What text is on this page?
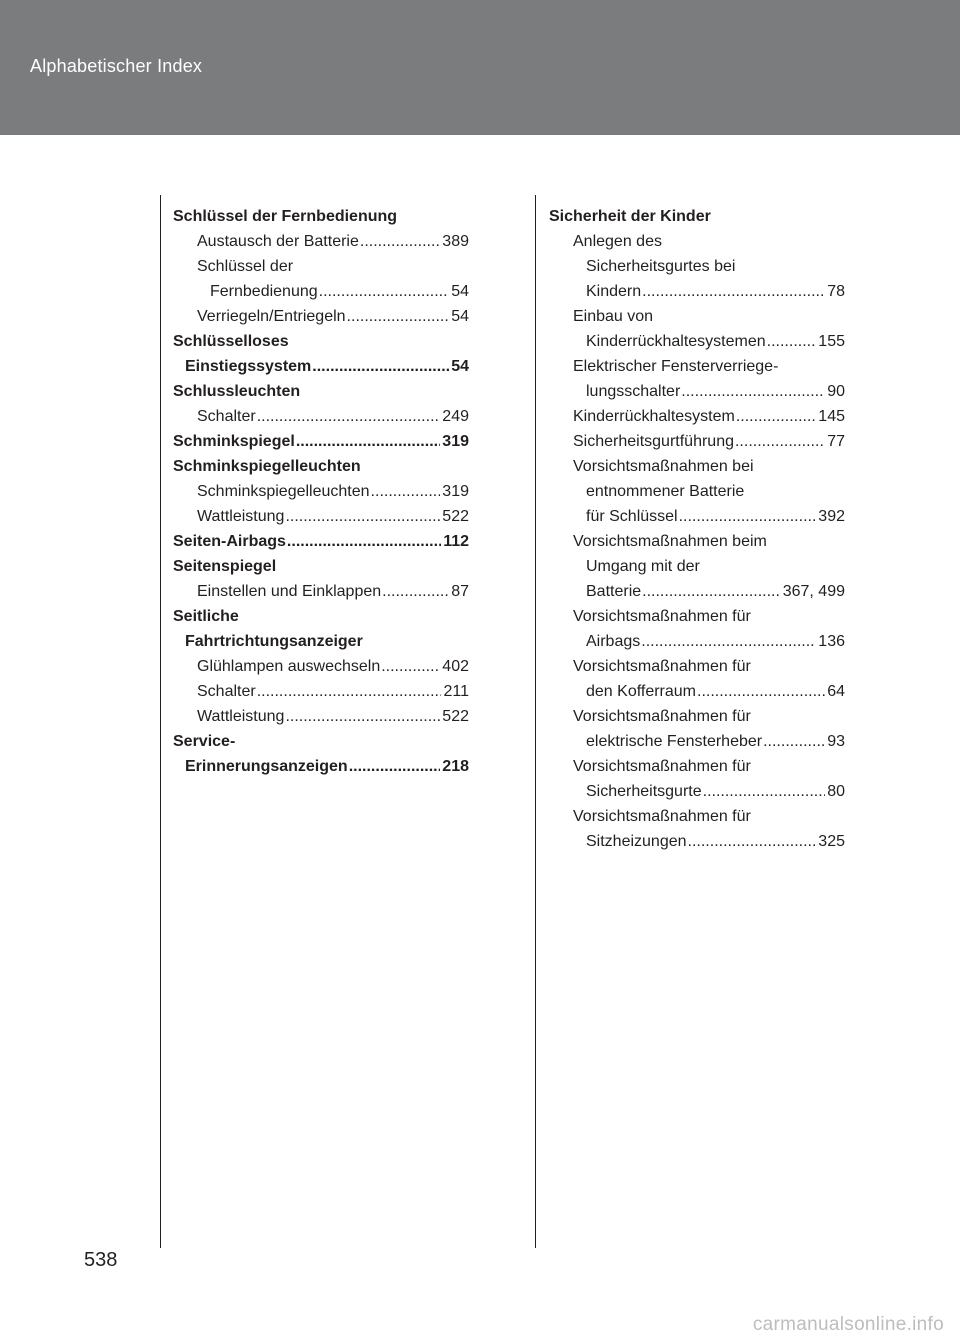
Alphabetischer Index
Schlüssel der Fernbedienung
Austausch der Batterie .....	389
Schlüssel der
Fernbedienung .....	54
Verriegeln/Entriegeln .....	54
Schlüsselloses
Einstiegssystem .....	54
Schlussleuchten
Schalter .....	249
Schminkspiegel .....	319
Schminkspiegelleuchten
Schminkspiegelleuchten .....	319
Wattleistung .....	522
Seiten-Airbags .....	112
Seitenspiegel
Einstellen und Einklappen .....	87
Seitliche
Fahrtrichtungsanzeiger
Glühlampen auswechseln .....	402
Schalter .....	211
Wattleistung .....	522
Service-
Erinnerungsanzeigen .....	218
Sicherheit der Kinder
Anlegen des
Sicherheitsgurtes bei
Kindern .....	78
Einbau von
Kinderrückhaltesystemen .....	155
Elektrischer Fensterverriege-
lungsschalter .....	90
Kinderrückhaltesystem .....	145
Sicherheitsgurtführung .....	77
Vorsichtsmaßnahmen bei
entnommener Batterie
für Schlüssel .....	392
Vorsichtsmaßnahmen beim
Umgang mit der
Batterie .....	367, 499
Vorsichtsmaßnahmen für
Airbags .....	136
Vorsichtsmaßnahmen für
den Kofferraum .....	64
Vorsichtsmaßnahmen für
elektrische Fensterheber .....	93
Vorsichtsmaßnahmen für
Sicherheitsgurte .....	80
Vorsichtsmaßnahmen für
Sitzheizungen .....	325
538
carmanualsonline.info
